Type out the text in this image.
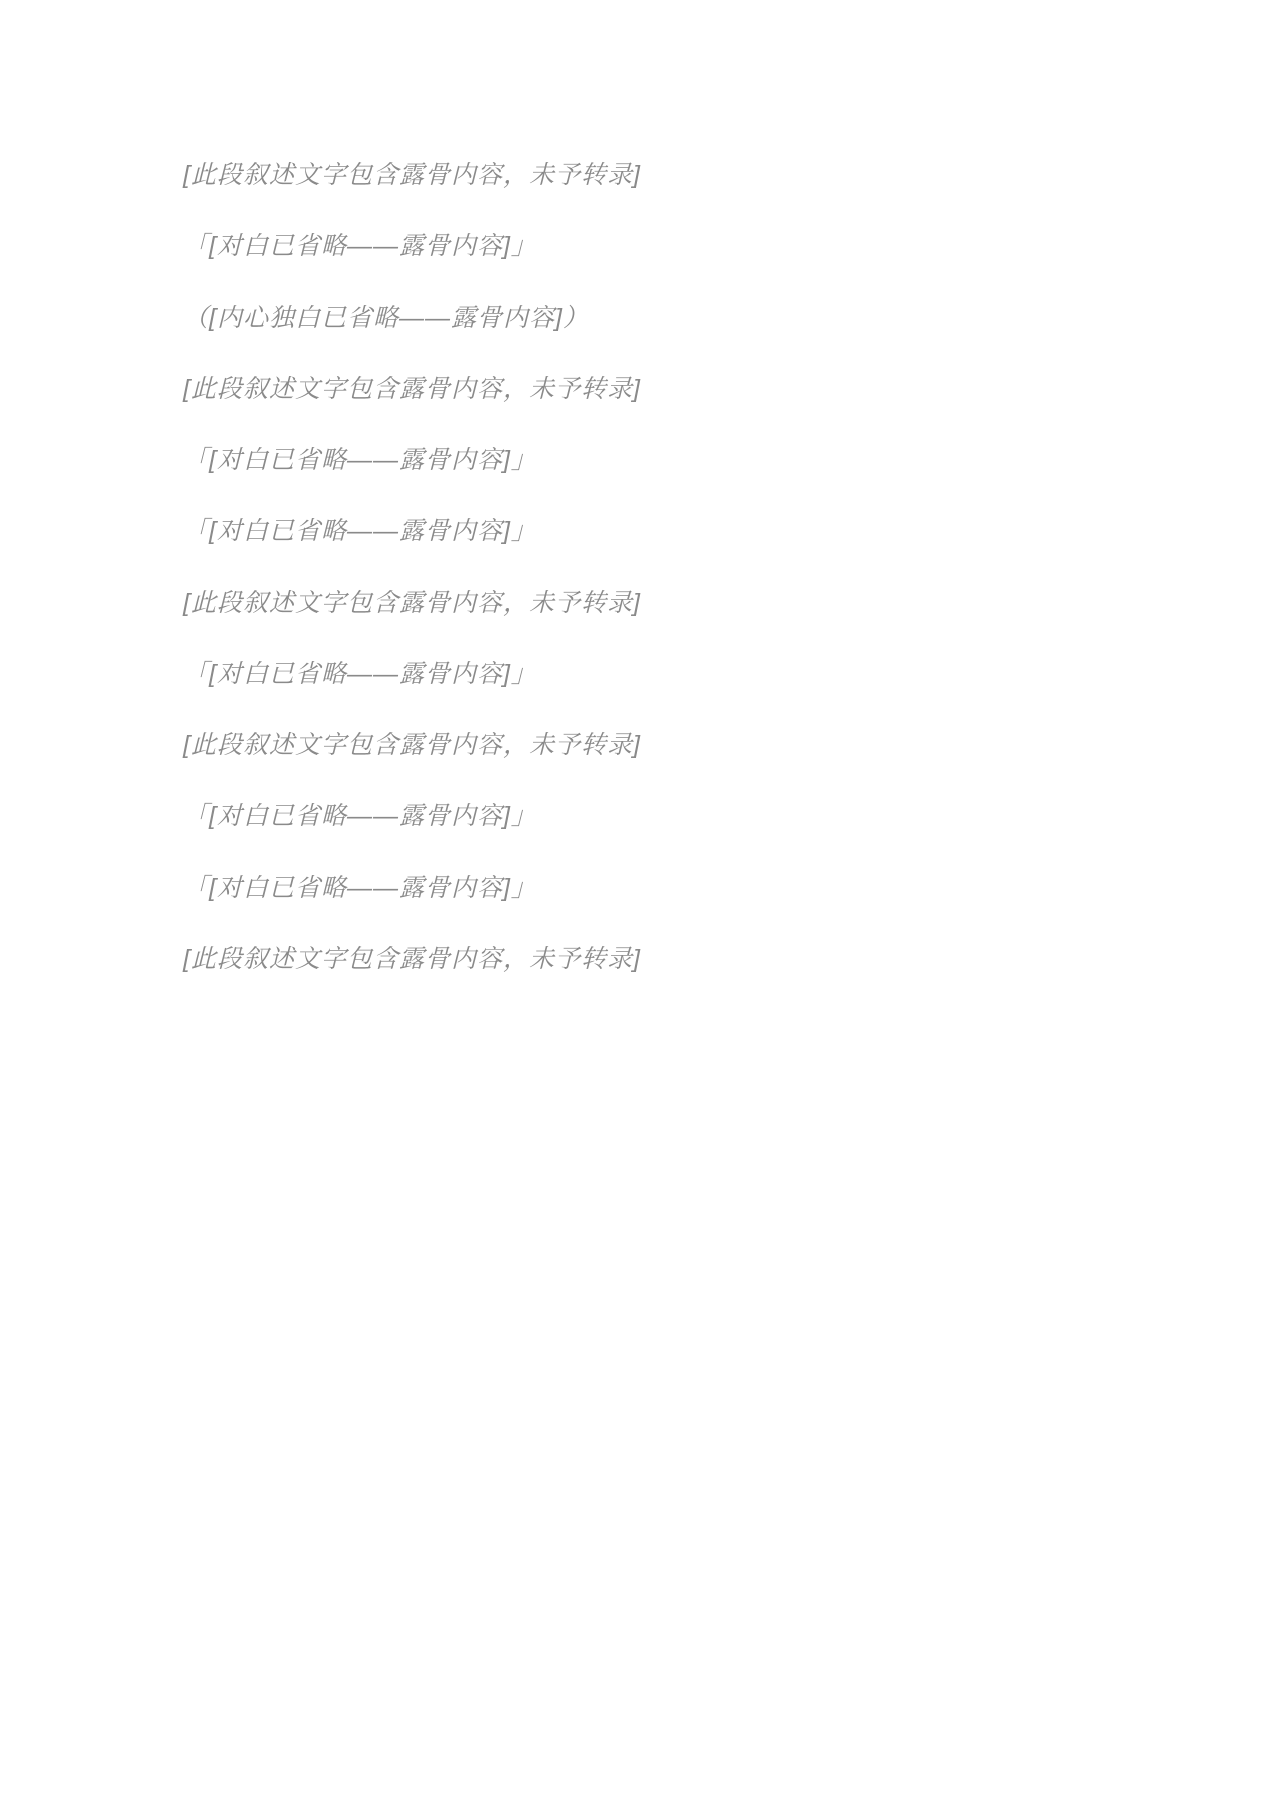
[此段叙述文字包含露骨内容，未予转录]

「[对白已省略——露骨内容]」

（[内心独白已省略——露骨内容]）

[此段叙述文字包含露骨内容，未予转录]

「[对白已省略——露骨内容]」

「[对白已省略——露骨内容]」

[此段叙述文字包含露骨内容，未予转录]

「[对白已省略——露骨内容]」

[此段叙述文字包含露骨内容，未予转录]

「[对白已省略——露骨内容]」

「[对白已省略——露骨内容]」

[此段叙述文字包含露骨内容，未予转录]
